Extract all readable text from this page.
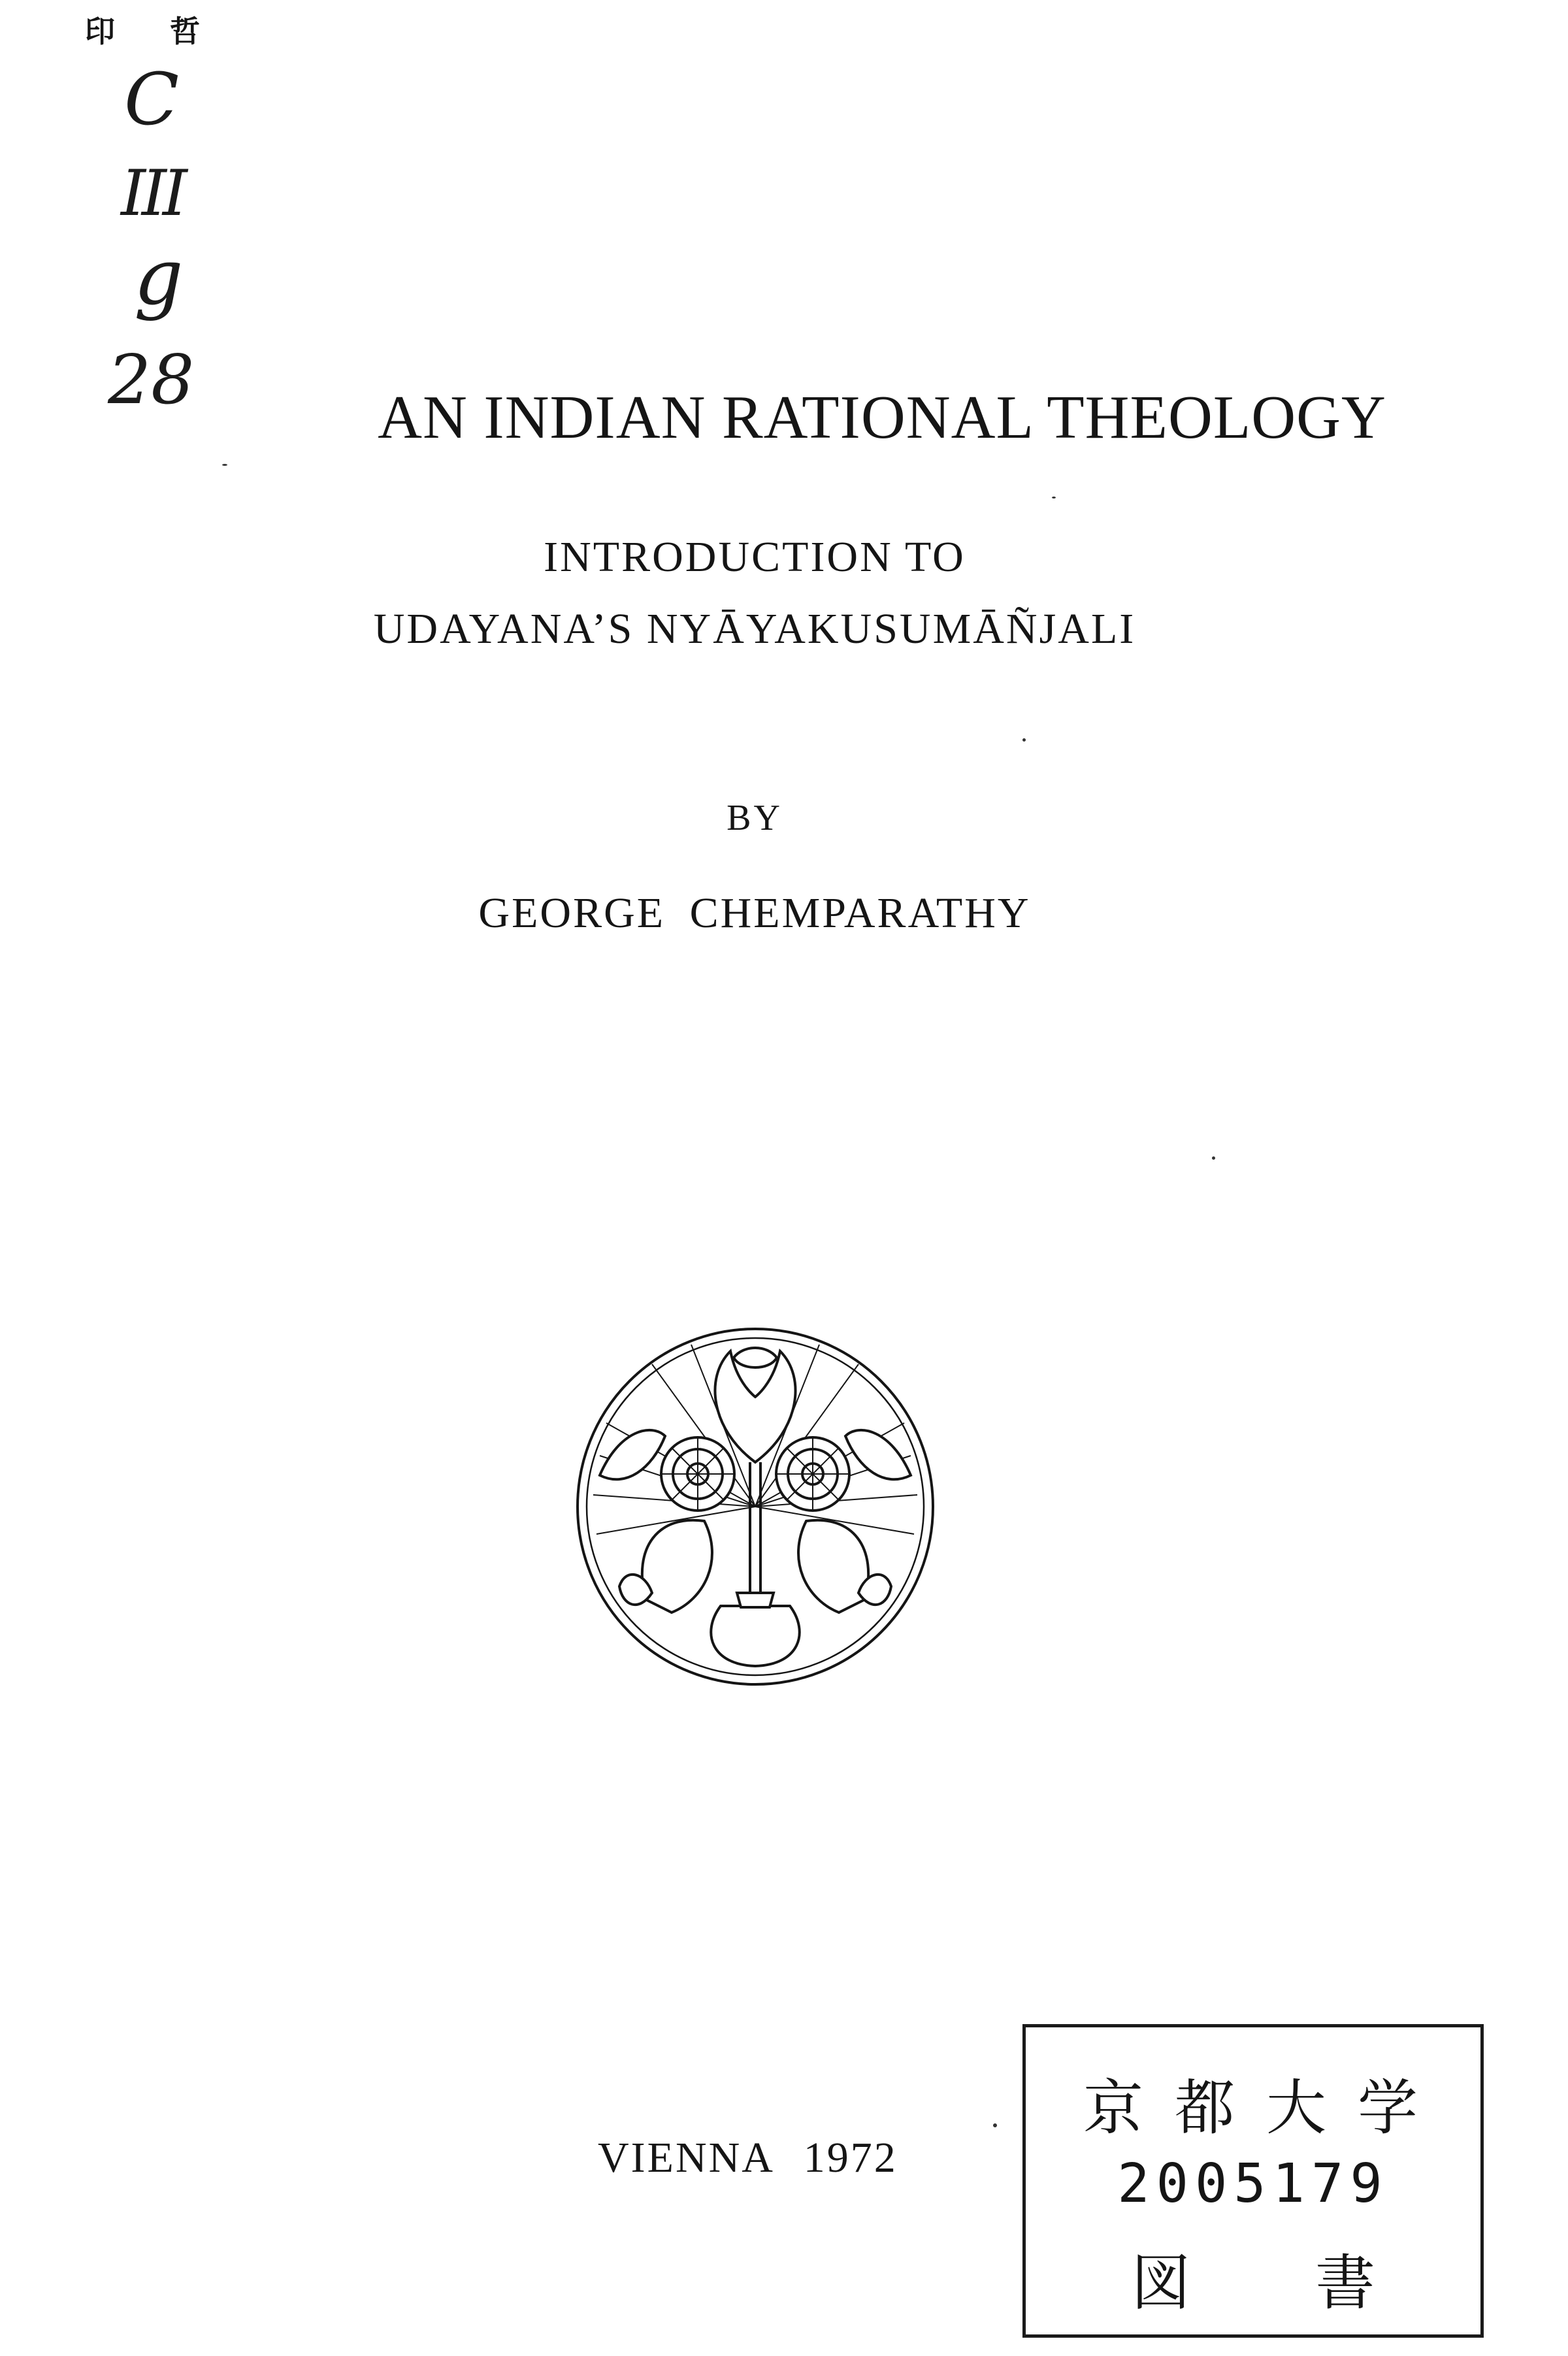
印 哲
C
III
g
28	AN INDIAN RATIONAL THEOLOGY
INTRODUCTION TO
UDAYANA’S NYĀYAKUSUMĀÑJALI
BY
GEORGE CHEMPARATHY
VIENNA 1972
京都大学
2005179
図 書
